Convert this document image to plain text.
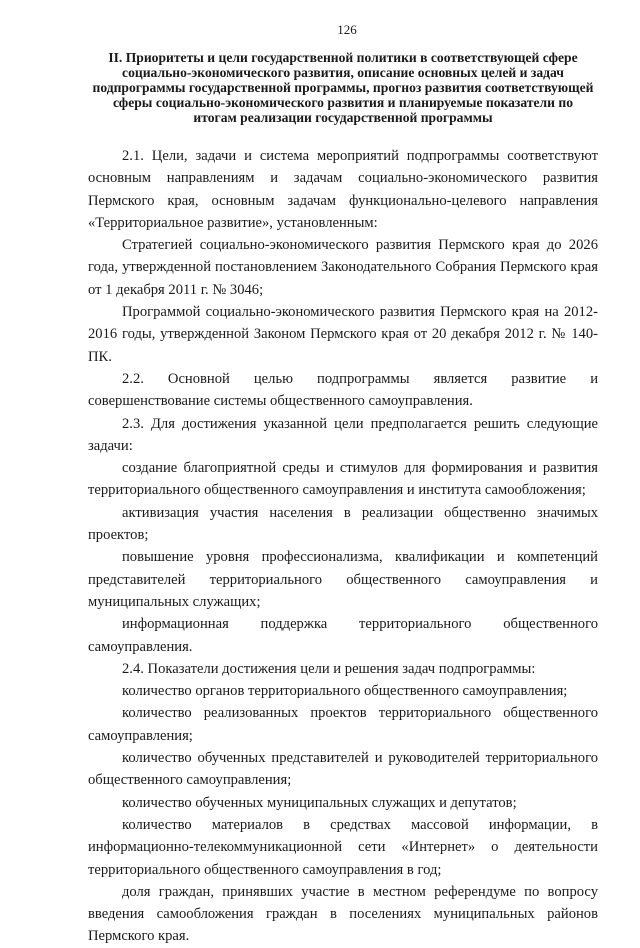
126
II. Приоритеты и цели государственной политики в соответствующей сфере социально-экономического развития, описание основных целей и задач подпрограммы государственной программы, прогноз развития соответствующей сферы социально-экономического развития и планируемые показатели по итогам реализации государственной программы

2.1. Цели, задачи и система мероприятий подпрограммы соответствуют основным направлениям и задачам социально-экономического развития Пермского края, основным задачам функционально-целевого направления «Территориальное развитие», установленным:

Стратегией социально-экономического развития Пермского края до 2026 года, утвержденной постановлением Законодательного Собрания Пермского края от 1 декабря 2011 г. № 3046;

Программой социально-экономического развития Пермского края на 2012-2016 годы, утвержденной Законом Пермского края от 20 декабря 2012 г. № 140-ПК.

2.2. Основной целью подпрограммы является развитие и совершенствование системы общественного самоуправления.

2.3. Для достижения указанной цели предполагается решить следующие задачи:

создание благоприятной среды и стимулов для формирования и развития территориального общественного самоуправления и института самообложения;

активизация участия населения в реализации общественно значимых проектов;

повышение уровня профессионализма, квалификации и компетенций представителей территориального общественного самоуправления и муниципальных служащих;

информационная поддержка территориального общественного самоуправления.

2.4. Показатели достижения цели и решения задач подпрограммы:

количество органов территориального общественного самоуправления;

количество реализованных проектов территориального общественного самоуправления;

количество обученных представителей и руководителей территориального общественного самоуправления;

количество обученных муниципальных служащих и депутатов;

количество материалов в средствах массовой информации, в информационно-телекоммуникационной сети «Интернет» о деятельности территориального общественного самоуправления в год;

доля граждан, принявших участие в местном референдуме по вопросу введения самообложения граждан в поселениях муниципальных районов Пермского края.
